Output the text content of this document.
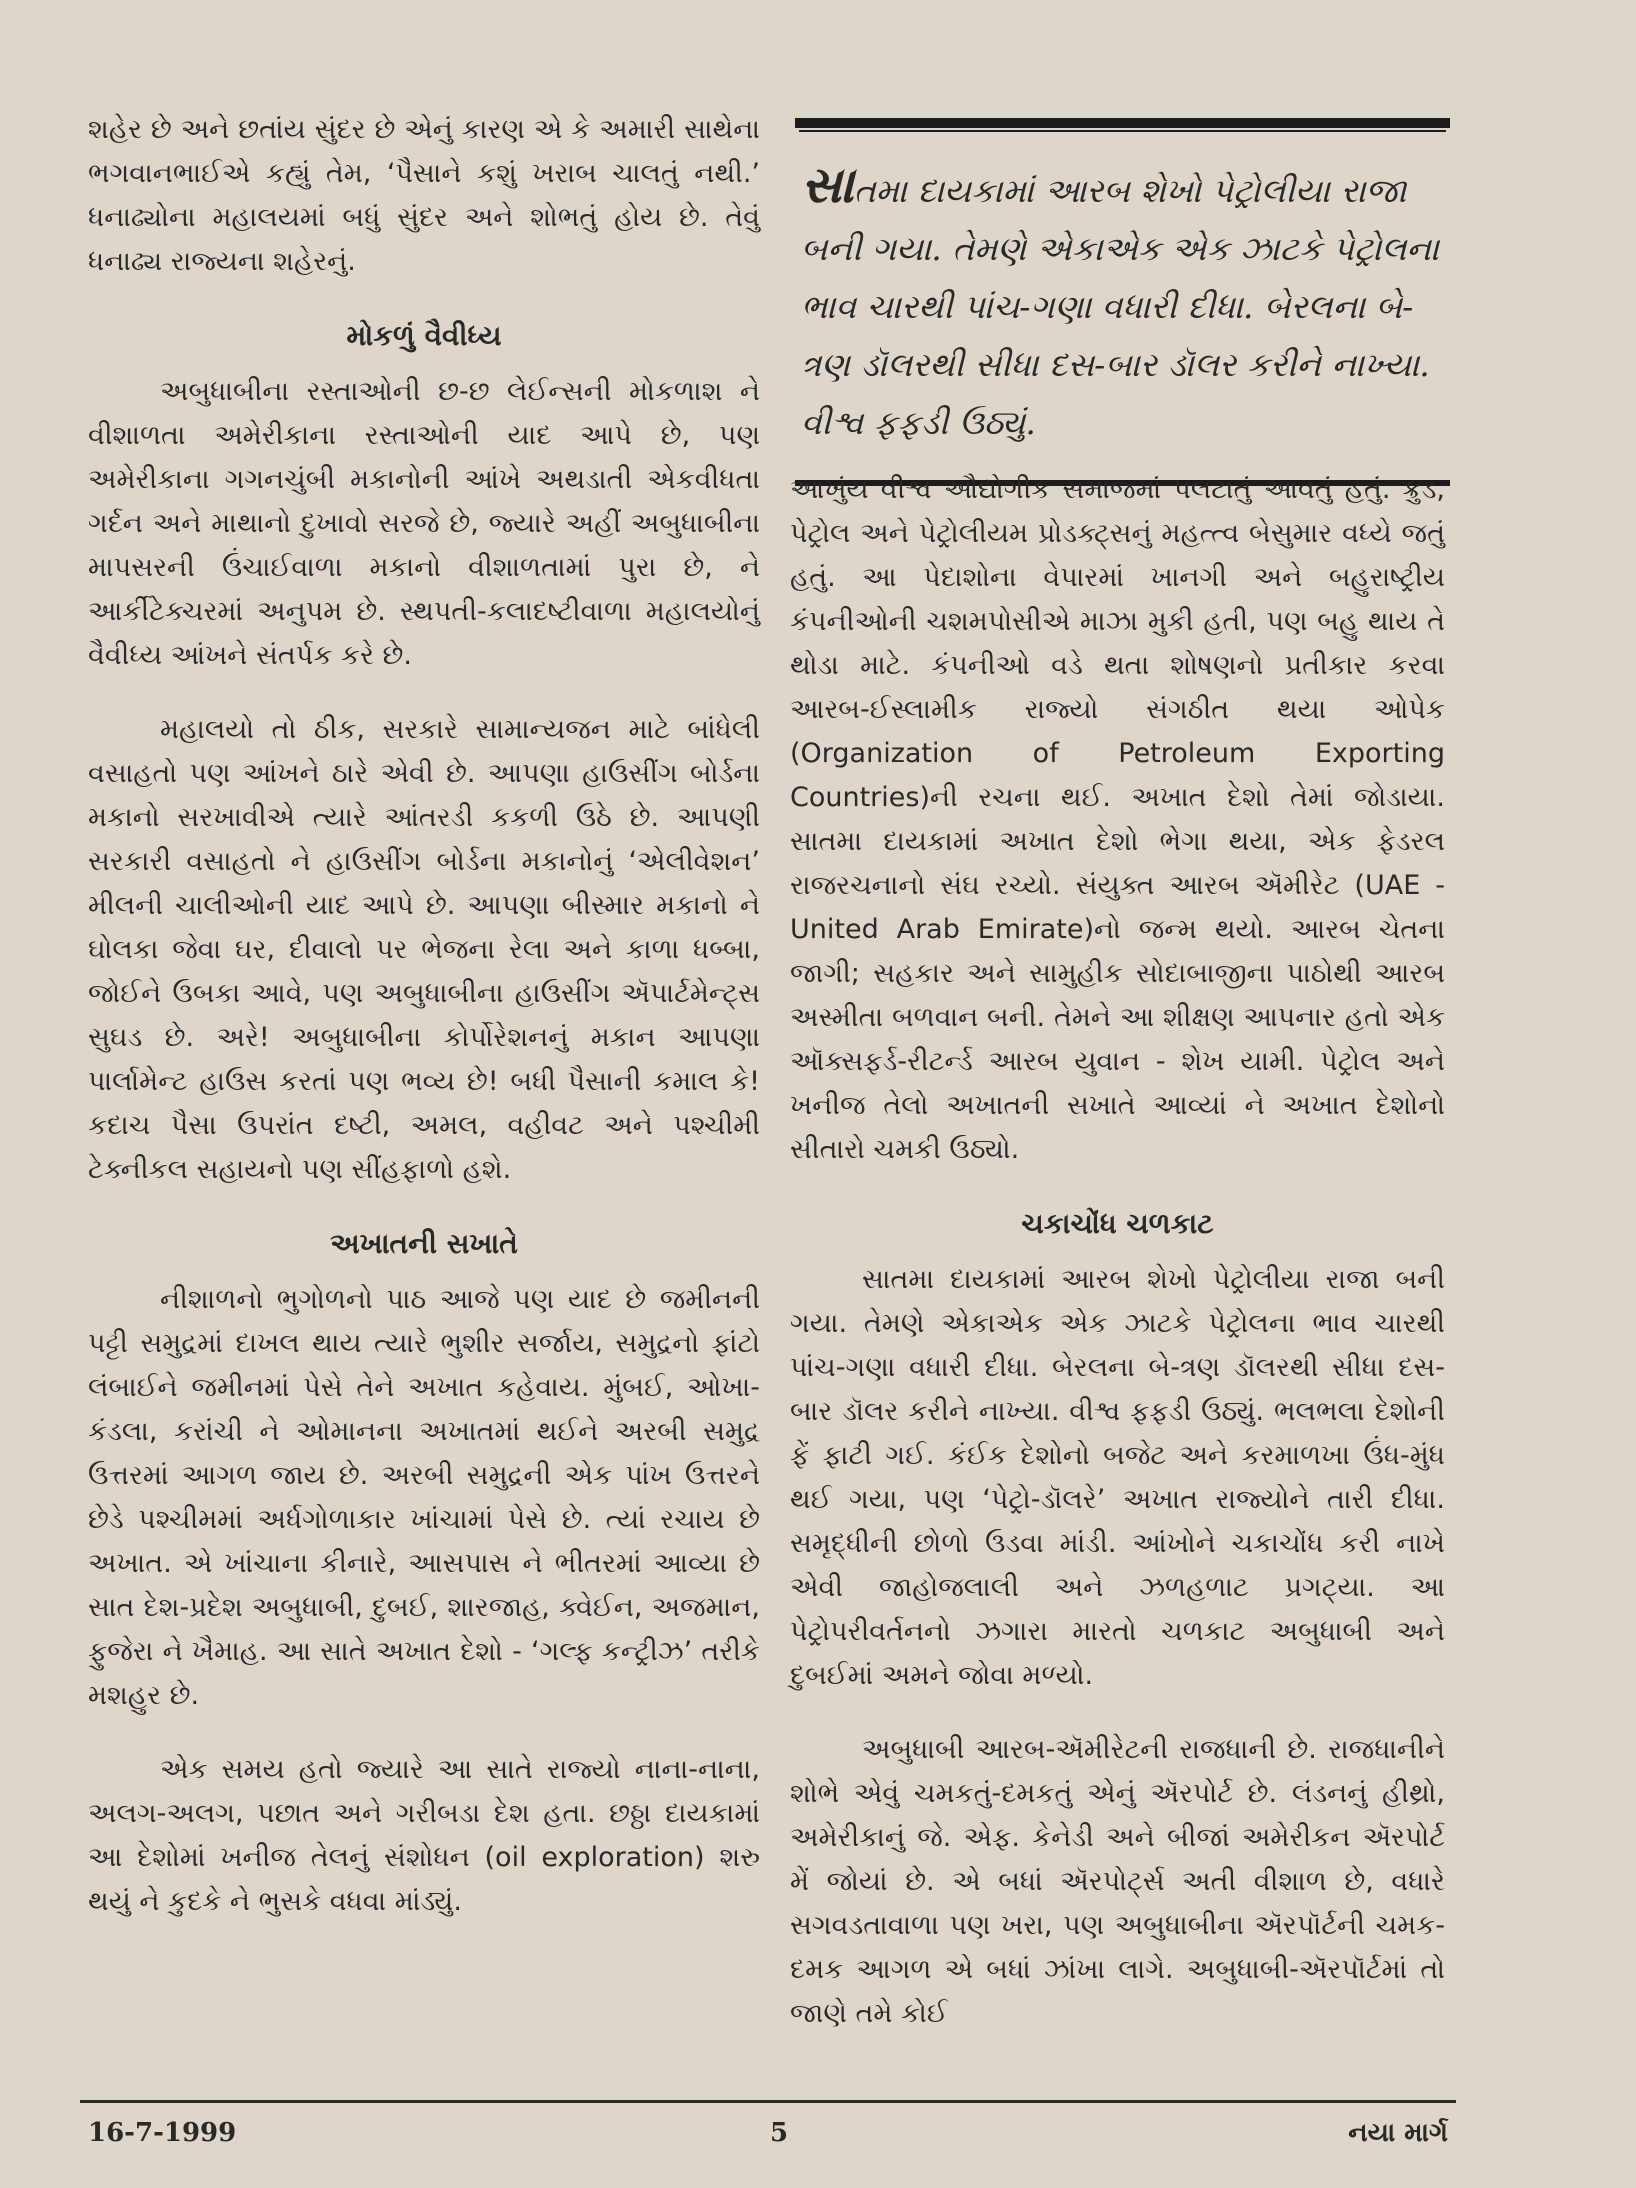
શહેર છે અને છતાંય સુંદર છે એનું કારણ એ કે અમારી સાથેના ભગવાનભાઈએ કહ્યું તેમ, ‘પૈસાને કશું ખરાબ ચાલતું નથી.’ ધનાઢ્યોના મહાલયમાં બધું સુંદર અને શોભતું હોય છે. તેવું ધનાઢ્ય રાજ્યના શહેરનું.

મોકળું વૈવીધ્ય

અબુધાબીના રસ્તાઓની છ-છ લેઈન્સની મોકળાશ ને વીશાળતા અમેરીકાના રસ્તાઓની યાદ આપે છે, પણ અમેરીકાના ગગનચુંબી મકાનોની આંખે અથડાતી એકવીધતા ગર્દન અને માથાનો દુખાવો સરજે છે, જ્યારે અહીં અબુધાબીના માપસરની ઉંચાઈવાળા મકાનો વીશાળતામાં પુરા છે, ને આર્કીટેક્ચરમાં અનુપમ છે. સ્થપતી-કલાદષ્ટીવાળા મહાલયોનું વૈવીધ્ય આંખને સંતર્પક કરે છે.

મહાલયો તો ઠીક, સરકારે સામાન્યજન માટે બાંધેલી વસાહતો પણ આંખને ઠારે એવી છે. આપણા હાઉસીંગ બોર્ડના મકાનો સરખાવીએ ત્યારે આંતરડી કકળી ઉઠે છે. આપણી સરકારી વસાહતો ને હાઉસીંગ બોર્ડના મકાનોનું ‘એલીવેશન’ મીલની ચાલીઓની યાદ આપે છે. આપણા બીસ્માર મકાનો ને ઘોલકા જેવા ઘર, દીવાલો પર ભેજના રેલા અને કાળા ધબ્બા, જોઈને ઉબકા આવે, પણ અબુધાબીના હાઉસીંગ ઍપાર્ટમેન્ટ્સ સુઘડ છે. અરે! અબુધાબીના કોર્પોરેશનનું મકાન આપણા પાર્લામેન્ટ હાઉસ કરતાં પણ ભવ્ય છે! બધી પૈસાની કમાલ કે! કદાચ પૈસા ઉપરાંત દષ્ટી, અમલ, વહીવટ અને પશ્ચીમી ટેક્નીકલ સહાયનો પણ સીંહફાળો હશે.

અખાતની સખાતે

નીશાળનો ભુગોળનો પાઠ આજે પણ યાદ છે જમીનની પટ્ટી સમુદ્રમાં દાખલ થાય ત્યારે ભુશીર સર્જાય, સમુદ્રનો ફાંટો લંબાઈને જમીનમાં પેસે તેને અખાત કહેવાય. મુંબઈ, ઓખા-કંડલા, કરાંચી ને ઓમાનના અખાતમાં થઈને અરબી સમુદ્ર ઉત્તરમાં આગળ જાય છે. અરબી સમુદ્રની એક પાંખ ઉત્તરને છેડે પશ્ચીમમાં અર્ધગોળાકાર ખાંચામાં પેસે છે. ત્યાં રચાય છે અખાત. એ ખાંચાના કીનારે, આસપાસ ને ભીતરમાં આવ્યા છે સાત દેશ-પ્રદેશ અબુધાબી, દુબઈ, શારજાહ, ક્વેઈન, અજમાન, ફુજેરા ને ખૈમાહ. આ સાતે અખાત દેશો - ‘ગલ્ફ કન્ટ્રીઝ’ તરીકે મશહુર છે.

એક સમય હતો જ્યારે આ સાતે રાજ્યો નાના-નાના, અલગ-અલગ, પછાત અને ગરીબડા દેશ હતા. છઠ્ઠા દાયકામાં આ દેશોમાં ખનીજ તેલનું સંશોધન (oil exploration) શરુ થયું ને કુદકે ને ભુસકે વધવા માંડ્યું.

સાતમા દાયકામાં આરબ શેખો પેટ્રોલીયા રાજા બની ગયા. તેમણે એકાએક એક ઝાટકે પેટ્રોલના ભાવ ચારથી પાંચ-ગણા વધારી દીધા. બેરલના બે-ત્રણ ડૉલરથી સીધા દસ-બાર ડૉલર કરીને નાખ્યા. વીશ્વ ફફડી ઉઠ્યું.

આખુંય વીશ્વ ઔદ્યોગીક સમાજમાં પલટાતું આવતું હતું. ક્રુડ, પેટ્રોલ અને પેટ્રોલીયમ પ્રોડક્ટ્સનું મહત્ત્વ બેસુમાર વધ્યે જતું હતું. આ પેદાશોના વેપારમાં ખાનગી અને બહુરાષ્ટ્રીય કંપનીઓની ચશમપોસીએ માઝા મુકી હતી, પણ બહુ થાય તે થોડા માટે. કંપનીઓ વડે થતા શોષણનો પ્રતીકાર કરવા આરબ-ઈસ્લામીક રાજ્યો સંગઠીત થયા ઓપેક (Organization of Petroleum Exporting Countries)ની રચના થઈ. અખાત દેશો તેમાં જોડાયા. સાતમા દાયકામાં અખાત દેશો ભેગા થયા, એક ફેડરલ રાજરચનાનો સંઘ રચ્યો. સંયુક્ત આરબ ઍમીરેટ (UAE - United Arab Emirate)નો જન્મ થયો. આરબ ચેતના જાગી; સહકાર અને સામુહીક સોદાબાજીના પાઠોથી આરબ અસ્મીતા બળવાન બની. તેમને આ શીક્ષણ આપનાર હતો એક ઑક્સફર્ડ-રીટર્ન્ડ આરબ યુવાન - શેખ યામી. પેટ્રોલ અને ખનીજ તેલો અખાતની સખાતે આવ્યાં ને અખાત દેશોનો સીતારો ચમકી ઉઠ્યો.

ચકાચોંધ ચળકાટ

સાતમા દાયકામાં આરબ શેખો પેટ્રોલીયા રાજા બની ગયા. તેમણે એકાએક એક ઝાટકે પેટ્રોલના ભાવ ચારથી પાંચ-ગણા વધારી દીધા. બેરલના બે-ત્રણ ડૉલરથી સીધા દસ-બાર ડૉલર કરીને નાખ્યા. વીશ્વ ફફડી ઉઠ્યું. ભલભલા દેશોની ફેં ફાટી ગઈ. કંઈક દેશોનો બજેટ અને કરમાળખા ઉંધ-મુંધ થઈ ગયા, પણ ‘પેટ્રો-ડૉલરે’ અખાત રાજ્યોને તારી દીધા. સમૃદ્ધીની છોળો ઉડવા માંડી. આંખોને ચકાચોંધ કરી નાખે એવી જાહોજલાલી અને ઝળહળાટ પ્રગટ્યા. આ પેટ્રોપરીવર્તનનો ઝગારા મારતો ચળકાટ અબુધાબી અને દુબઈમાં અમને જોવા મળ્યો.

અબુધાબી આરબ-ઍમીરેટની રાજધાની છે. રાજધાનીને શોભે એવું ચમકતું-દમકતું એનું ઍરપોર્ટ છે. લંડનનું હીથ્રો, અમેરીકાનું જે. એફ. કેનેડી અને બીજાં અમેરીકન ઍરપોર્ટ મેં જોયાં છે. એ બધાં ઍરપોર્ટ્સ અતી વીશાળ છે, વધારે સગવડતાવાળા પણ ખરા, પણ અબુધાબીના ઍરપૉર્ટની ચમક-દમક આગળ એ બધાં ઝાંખા લાગે. અબુધાબી-ઍરપૉર્ટમાં તો જાણે તમે કોઈ

16-7-1999	5	નયા માર્ગ
